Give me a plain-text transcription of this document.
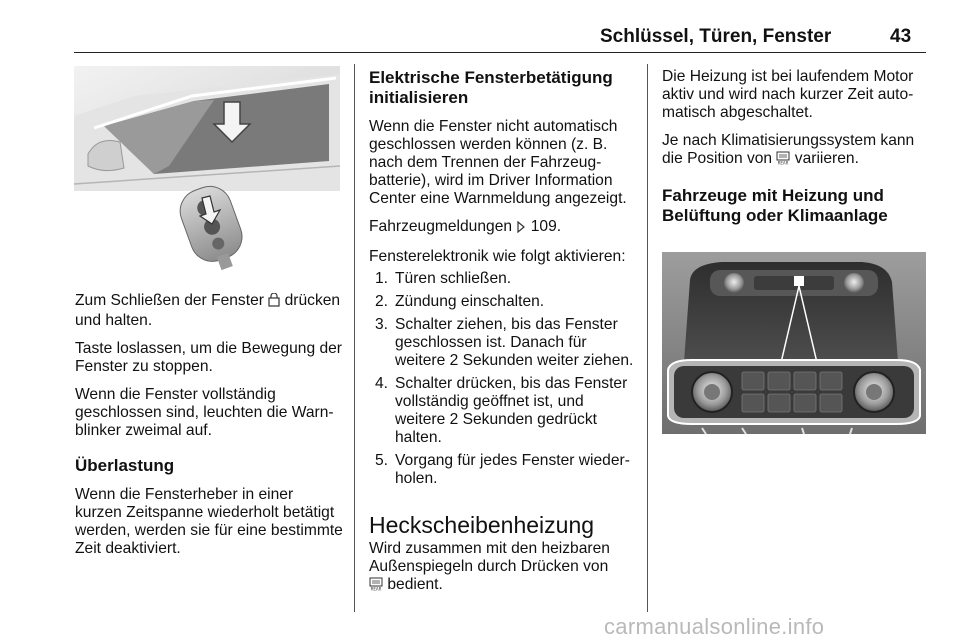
Schlüssel, Türen, Fenster	43

Zum Schließen der Fenster drücken und halten.

Taste loslassen, um die Bewegung der Fenster zu stoppen.

Wenn die Fenster vollständig geschlossen sind, leuchten die Warnblinker zweimal auf.

Überlastung

Wenn die Fensterheber in einer kurzen Zeitspanne wiederholt betätigt werden, werden sie für eine bestimmte Zeit deaktiviert.

Elektrische Fensterbetätigung initialisieren

Wenn die Fenster nicht automatisch geschlossen werden können (z. B. nach dem Trennen der Fahrzeugbatterie), wird im Driver Information Center eine Warnmeldung angezeigt.

Fahrzeugmeldungen 109.

Fensterelektronik wie folgt aktivieren:

1. Türen schließen.
2. Zündung einschalten.
3. Schalter ziehen, bis das Fenster geschlossen ist. Danach für weitere 2 Sekunden weiter ziehen.
4. Schalter drücken, bis das Fenster vollständig geöffnet ist, und weitere 2 Sekunden gedrückt halten.
5. Vorgang für jedes Fenster wiederholen.
Heckscheibenheizung

Wird zusammen mit den heizbaren Außenspiegeln durch Drücken von

REAR bedient.

Die Heizung ist bei laufendem Motor aktiv und wird nach kurzer Zeit automatisch abgeschaltet.

Je nach Klimatisierungssystem kann die Position von REAR variieren.

Fahrzeuge mit Heizung und Belüftung oder Klimaanlage
carmanualsonline.info
